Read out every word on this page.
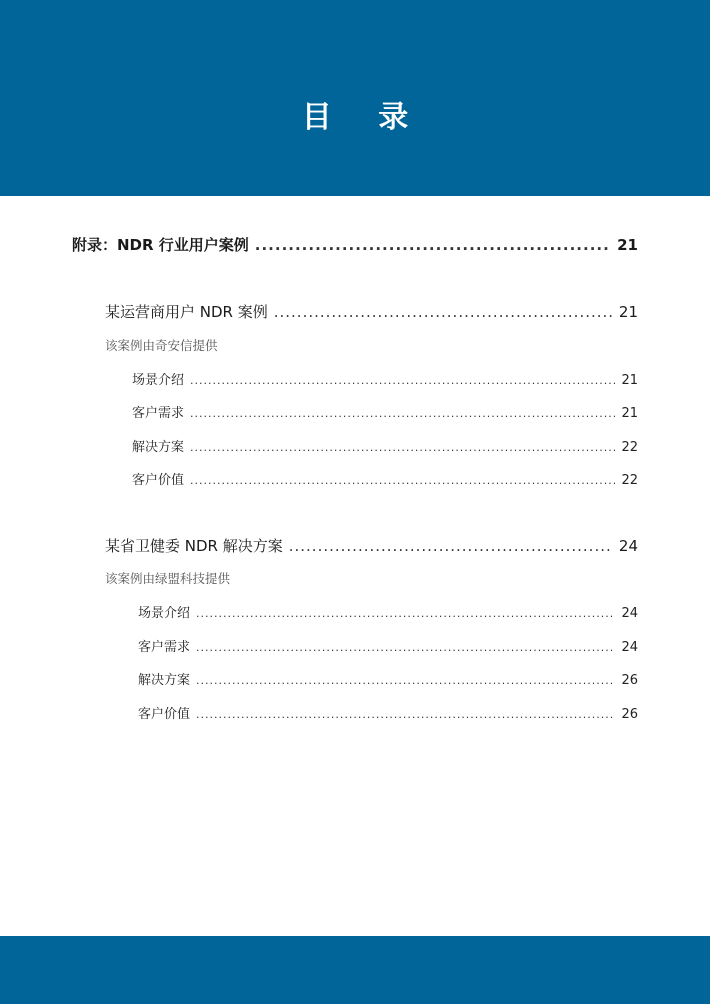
目 录
附录：NDR 行业用户案例 .....	21
某运营商用户 NDR 案例 .....	21
该案例由奇安信提供
场景介绍 .....	21
客户需求 .....	21
解决方案 .....	22
客户价值 .....	22
某省卫健委 NDR 解决方案 .....	24
该案例由绿盟科技提供
场景介绍 .....	24
客户需求 .....	24
解决方案 .....	26
客户价值 .....	26
